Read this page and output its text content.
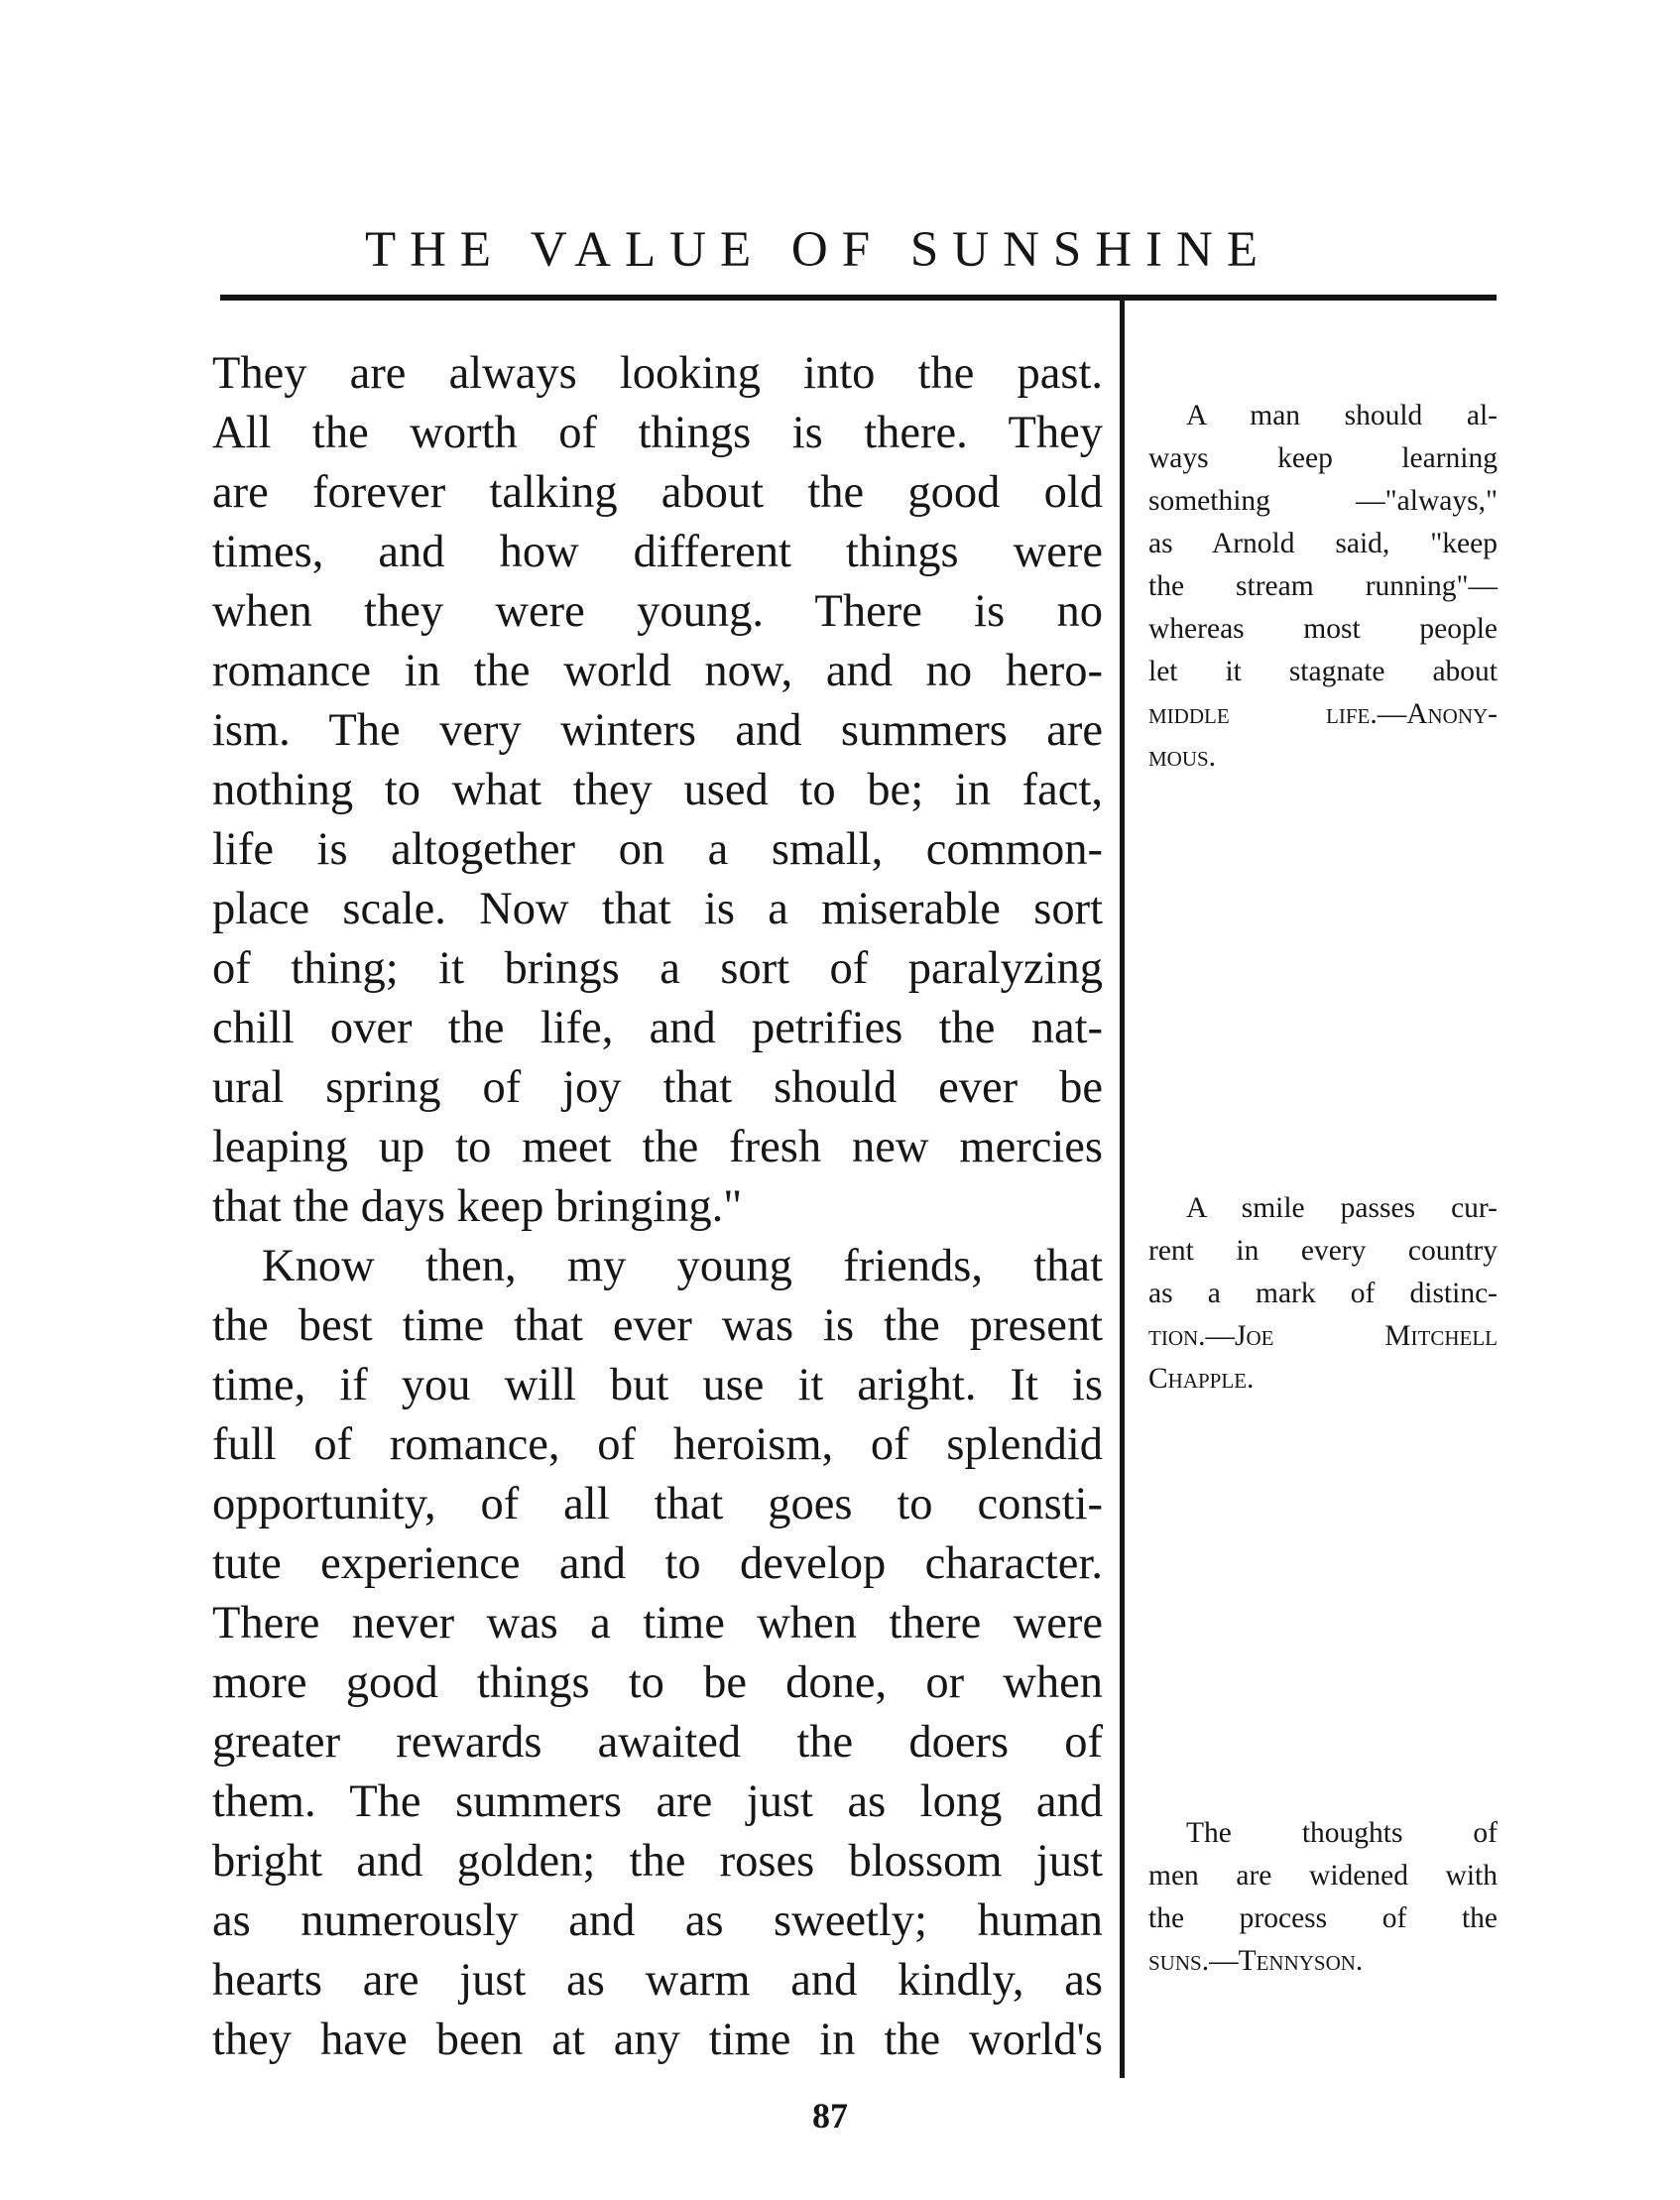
THE VALUE OF SUNSHINE
They are always looking into the past.
All the worth of things is there. They
are forever talking about the good old
times, and how different things were
when they were young. There is no
romance in the world now, and no hero-
ism. The very winters and summers are
nothing to what they used to be; in fact,
life is altogether on a small, common-
place scale. Now that is a miserable sort
of thing; it brings a sort of paralyzing
chill over the life, and petrifies the nat-
ural spring of joy that should ever be
leaping up to meet the fresh new mercies
that the days keep bringing."
Know then, my young friends, that
the best time that ever was is the present
time, if you will but use it aright. It is
full of romance, of heroism, of splendid
opportunity, of all that goes to consti-
tute experience and to develop character.
There never was a time when there were
more good things to be done, or when
greater rewards awaited the doers of
them. The summers are just as long and
bright and golden; the roses blossom just
as numerously and as sweetly; human
hearts are just as warm and kindly, as
they have been at any time in the world's
A man should al-
ways keep learning
something —"always,"
as Arnold said, "keep
the stream running"—
whereas most people
let it stagnate about
middle life.—Anony-
mous.
A smile passes cur-
rent in every country
as a mark of distinc-
tion.—Joe Mitchell
Chapple.
The thoughts of
men are widened with
the process of the
suns.—Tennyson.
87
